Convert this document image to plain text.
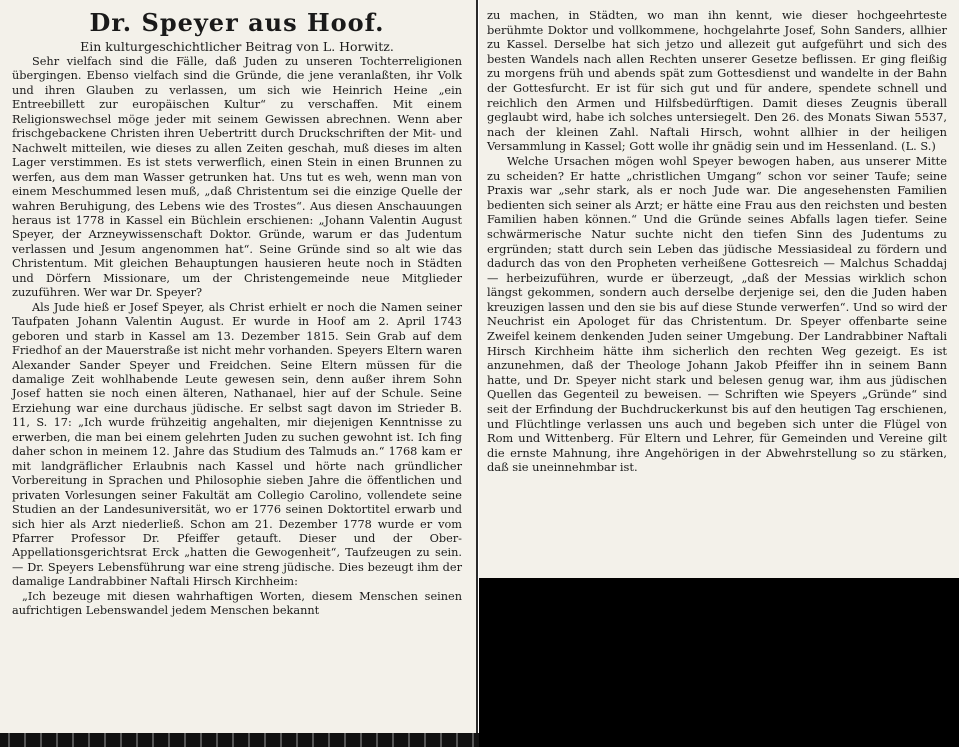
Dr. Speyer aus Hoof.
Ein kulturgeschichtlicher Beitrag von L. Horwitz.

Sehr vielfach sind die Fälle, daß Juden zu unseren Tochterreligionen übergingen. Ebenso vielfach sind die Gründe, die jene veranlaßten, ihr Volk und ihren Glauben zu verlassen, um sich wie Heinrich Heine „ein Entreebillett zur europäischen Kultur“ zu verschaffen. Mit einem Religionswechsel möge jeder mit seinem Gewissen abrechnen. Wenn aber frischgebackene Christen ihren Uebertritt durch Druckschriften der Mit- und Nachwelt mitteilen, wie dieses zu allen Zeiten geschah, muß dieses im alten Lager verstimmen. Es ist stets verwerflich, einen Stein in einen Brunnen zu werfen, aus dem man Wasser getrunken hat. Uns tut es weh, wenn man von einem Meschummed lesen muß, „daß Christentum sei die einzige Quelle der wahren Beruhigung, des Lebens wie des Trostes“. Aus diesen Anschauungen heraus ist 1778 in Kassel ein Büchlein erschienen: „Johann Valentin August Speyer, der Arzneywissenschaft Doktor. Gründe, warum er das Judentum verlassen und Jesum angenommen hat“. Seine Gründe sind so alt wie das Christentum. Mit gleichen Behauptungen hausieren heute noch in Städten und Dörfern Missionare, um der Christengemeinde neue Mitglieder zuzuführen. Wer war Dr. Speyer?

Als Jude hieß er Josef Speyer, als Christ erhielt er noch die Namen seiner Taufpaten Johann Valentin August. Er wurde in Hoof am 2. April 1743 geboren und starb in Kassel am 13. Dezember 1815. Sein Grab auf dem Friedhof an der Mauerstraße ist nicht mehr vorhanden. Speyers Eltern waren Alexander Sander Speyer und Freidchen. Seine Eltern müssen für die damalige Zeit wohlhabende Leute gewesen sein, denn außer ihrem Sohn Josef hatten sie noch einen älteren, Nathanael, hier auf der Schule. Seine Erziehung war eine durchaus jüdische. Er selbst sagt davon im Strieder B. 11, S. 17: „Ich wurde frühzeitig angehalten, mir diejenigen Kenntnisse zu erwerben, die man bei einem gelehrten Juden zu suchen gewohnt ist. Ich fing daher schon in meinem 12. Jahre das Studium des Talmuds an.“ 1768 kam er mit landgräflicher Erlaubnis nach Kassel und hörte nach gründlicher Vorbereitung in Sprachen und Philosophie sieben Jahre die öffentlichen und privaten Vorlesungen seiner Fakultät am Collegio Carolino, vollendete seine Studien an der Landesuniversität, wo er 1776 seinen Doktortitel erwarb und sich hier als Arzt niederließ. Schon am 21. Dezember 1778 wurde er vom Pfarrer Professor Dr. Pfeiffer getauft. Dieser und der Ober-Appellationsgerichtsrat Erck „hatten die Gewogenheit“, Taufzeugen zu sein. — Dr. Speyers Lebensführung war eine streng jüdische. Dies bezeugt ihm der damalige Landrabbiner Naftali Hirsch Kirchheim:

„Ich bezeuge mit diesen wahrhaftigen Worten, diesem Menschen seinen aufrichtigen Lebenswandel jedem Menschen bekannt

zu machen, in Städten, wo man ihn kennt, wie dieser hochgeehrteste berühmte Doktor und vollkommene, hochgelahrte Josef, Sohn Sanders, allhier zu Kassel. Derselbe hat sich jetzo und allezeit gut aufgeführt und sich des besten Wandels nach allen Rechten unserer Gesetze beflissen. Er ging fleißig zu morgens früh und abends spät zum Gottesdienst und wandelte in der Bahn der Gottesfurcht. Er ist für sich gut und für andere, spendete schnell und reichlich den Armen und Hilfsbedürftigen. Damit dieses Zeugnis überall geglaubt wird, habe ich solches untersiegelt. Den 26. des Monats Siwan 5537, nach der kleinen Zahl. Naftali Hirsch, wohnt allhier in der heiligen Versammlung in Kassel; Gott wolle ihr gnädig sein und im Hessenland. (L. S.)

Welche Ursachen mögen wohl Speyer bewogen haben, aus unserer Mitte zu scheiden? Er hatte „christlichen Umgang“ schon vor seiner Taufe; seine Praxis war „sehr stark, als er noch Jude war. Die angesehensten Familien bedienten sich seiner als Arzt; er hätte eine Frau aus den reichsten und besten Familien haben können.“ Und die Gründe seines Abfalls lagen tiefer. Seine schwärmerische Natur suchte nicht den tiefen Sinn des Judentums zu ergründen; statt durch sein Leben das jüdische Messiasideal zu fördern und dadurch das von den Propheten verheißene Gottesreich — Malchus Schaddaj — herbeizuführen, wurde er überzeugt, „daß der Messias wirklich schon längst gekommen, sondern auch derselbe derjenige sei, den die Juden haben kreuzigen lassen und den sie bis auf diese Stunde verwerfen“. Und so wird der Neuchrist ein Apologet für das Christentum. Dr. Speyer offenbarte seine Zweifel keinem denkenden Juden seiner Umgebung. Der Landrabbiner Naftali Hirsch Kirchheim hätte ihm sicherlich den rechten Weg gezeigt. Es ist anzunehmen, daß der Theologe Johann Jakob Pfeiffer ihn in seinem Bann hatte, und Dr. Speyer nicht stark und belesen genug war, ihm aus jüdischen Quellen das Gegenteil zu beweisen. — Schriften wie Speyers „Gründe“ sind seit der Erfindung der Buchdruckerkunst bis auf den heutigen Tag erschienen, und Flüchtlinge verlassen uns auch und begeben sich unter die Flügel von Rom und Wittenberg. Für Eltern und Lehrer, für Gemeinden und Vereine gilt die ernste Mahnung, ihre Angehörigen in der Abwehrstellung so zu stärken, daß sie uneinnehmbar ist.
